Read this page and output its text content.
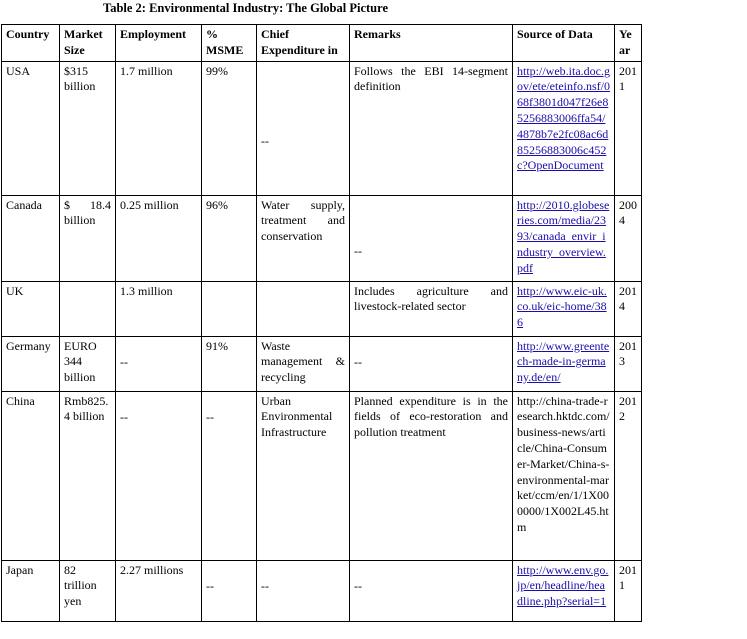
Table 2: Environmental Industry: The Global Picture
Country	Market Size	Employment	% MSME	Chief Expenditure in	Remarks	Source of Data	Year
USA	$315 billion	1.7 million	99%	--	Follows the EBI 14-segment definition	http://web.ita.doc.gov/ete/eteinfo.nsf/068f3801d047f26e85256883006ffa54/4878b7e2fc08ac6d85256883006c452c?OpenDocument	2011
Canada	$ 18.4 billion	0.25 million	96%	Water supply, treatment and conservation	--	http://2010.globeseries.com/media/2393/canada_envir_industry_overview.pdf	2004
UK		1.3 million			Includes agriculture and livestock-related sector	http://www.eic-uk.co.uk/eic-home/386	2014
Germany	EURO 344 billion	--	91%	Waste management & recycling	--	http://www.greentech-made-in-germany.de/en/	2013
China	Rmb825.4 billion	--	--	Urban Environmental Infrastructure	Planned expenditure is in the fields of eco-restoration and pollution treatment	http://china-trade-research.hktdc.com/business-news/article/China-Consumer-Market/China-s-environmental-market/ccm/en/1/1X000000/1X002L45.htm	2012
Japan	82 trillion yen	2.27 millions	--	--	--	http://www.env.go.jp/en/headline/headline.php?serial=1	2011
